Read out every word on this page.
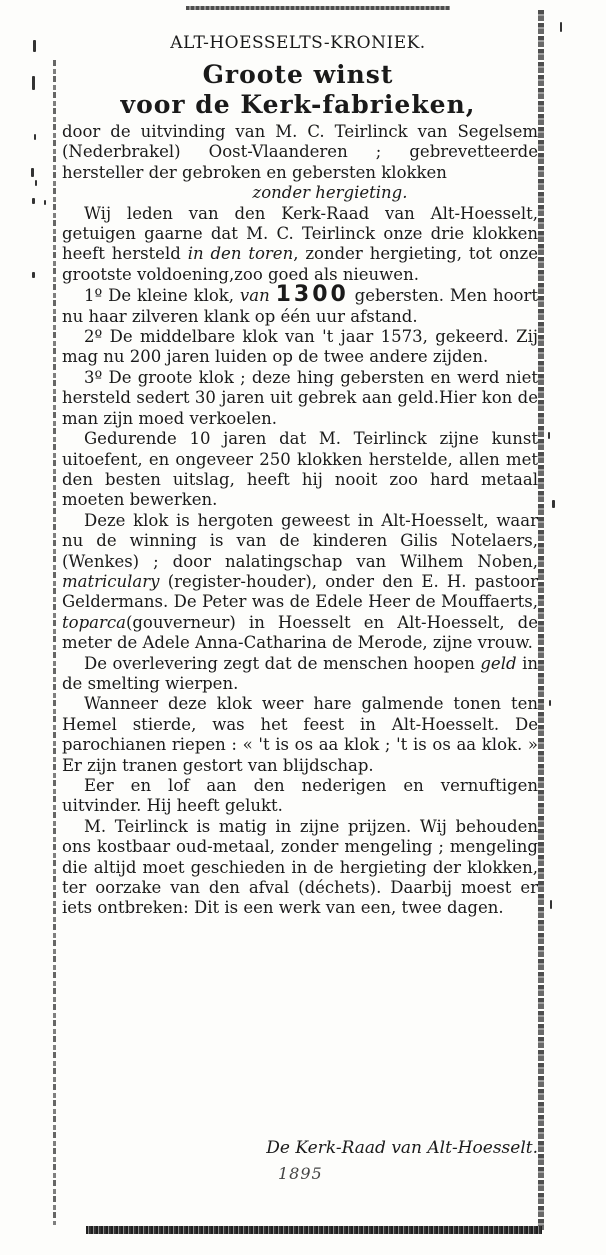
ALT-HOESSELTS-KRONIEK.
Groote winst
voor de Kerk-fabrieken,

door de uitvinding van M. C. Teirlinck van Segelsem (Nederbrakel) Oost-Vlaanderen ; gebrevetteerde hersteller der gebroken en gebersten klokken

zonder hergieting.

Wij leden van den Kerk-Raad van Alt-Hoesselt, getuigen gaarne dat M. C. Teirlinck onze drie klokken heeft hersteld in den toren, zonder hergieting, tot onze grootste voldoening,zoo goed als nieuwen.

1º De kleine klok, van 1300 gebersten. Men hoort nu haar zilveren klank op één uur afstand.

2º De middelbare klok van 't jaar 1573, gekeerd. Zij mag nu 200 jaren luiden op de twee andere zijden.

3º De groote klok ; deze hing gebersten en werd niet hersteld sedert 30 jaren uit gebrek aan geld.Hier kon de man zijn moed verkoelen.

Gedurende 10 jaren dat M. Teirlinck zijne kunst uitoefent, en ongeveer 250 klokken herstelde, allen met den besten uitslag, heeft hij nooit zoo hard metaal moeten bewerken.

Deze klok is hergoten geweest in Alt-Hoesselt, waar nu de winning is van de kinderen Gilis Notelaers, (Wenkes) ; door nalatingschap van Wilhem Noben, matriculary (register-houder), onder den E. H. pastoor Geldermans. De Peter was de Edele Heer de Mouffaerts, toparca(gouverneur) in Hoesselt en Alt-Hoesselt, de meter de Adele Anna-Catharina de Merode, zijne vrouw.

De overlevering zegt dat de menschen hoopen geld in de smelting wierpen.

Wanneer deze klok weer hare galmende tonen ten Hemel stierde, was het feest in Alt-Hoesselt. De parochianen riepen : « 't is os aa klok ; 't is os aa klok. » Er zijn tranen gestort van blijdschap.

Eer en lof aan den nederigen en vernuftigen uitvinder. Hij heeft gelukt.

M. Teirlinck is matig in zijne prijzen. Wij behouden ons kostbaar oud-metaal, zonder mengeling ; mengeling die altijd moet geschieden in de hergieting der klokken, ter oorzake van den afval (déchets). Daarbij moest er iets ontbreken: Dit is een werk van een, twee dagen.

De Kerk-Raad van Alt-Hoesselt.
1895
